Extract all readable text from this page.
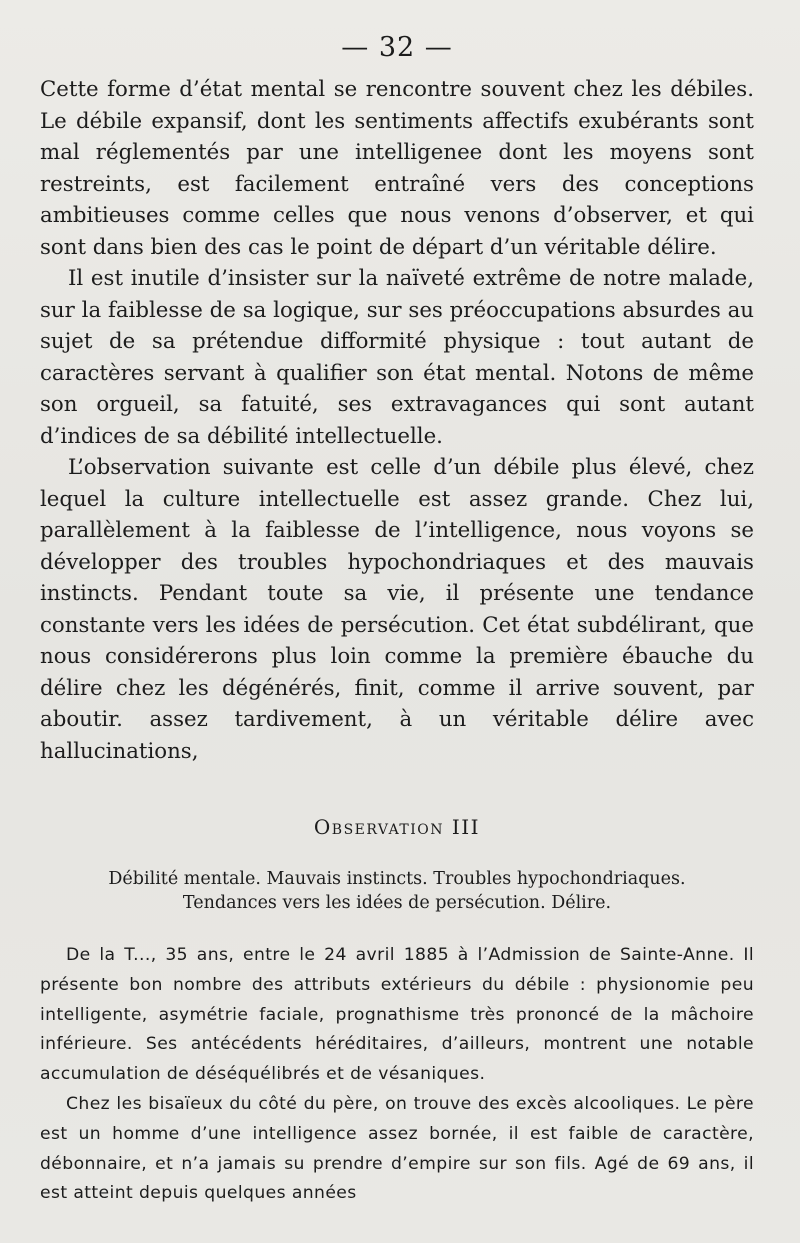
— 32 —

Cette forme d’état mental se rencontre souvent chez les débiles. Le débile expansif, dont les sentiments affectifs exubérants sont mal réglementés par une intelligenee dont les moyens sont restreints, est facilement entraîné vers des conceptions ambitieuses comme celles que nous venons d’observer, et qui sont dans bien des cas le point de départ d’un véritable délire.

Il est inutile d’insister sur la naïveté extrême de notre malade, sur la faiblesse de sa logique, sur ses préoccupations absurdes au sujet de sa prétendue difformité physique : tout autant de caractères servant à qualifier son état mental. Notons de même son orgueil, sa fatuité, ses extravagances qui sont autant d’indices de sa débilité intellectuelle.

L’observation suivante est celle d’un débile plus élevé, chez lequel la culture intellectuelle est assez grande. Chez lui, parallèlement à la faiblesse de l’intelligence, nous voyons se développer des troubles hypochondriaques et des mauvais instincts. Pendant toute sa vie, il présente une tendance constante vers les idées de persécution. Cet état subdélirant, que nous considérerons plus loin comme la première ébauche du délire chez les dégénérés, finit, comme il arrive souvent, par aboutir. assez tardivement, à un véritable délire avec hallucinations,

Observation III
Débilité mentale. Mauvais instincts. Troubles hypochondriaques. Tendances vers les idées de persécution. Délire.

De la T..., 35 ans, entre le 24 avril 1885 à l’Admission de Sainte-Anne. Il présente bon nombre des attributs extérieurs du débile : physionomie peu intelligente, asymétrie faciale, prognathisme très prononcé de la mâchoire inférieure. Ses antécédents héréditaires, d’ailleurs, montrent une notable accumulation de déséquélibrés et de vésaniques.

Chez les bisaïeux du côté du père, on trouve des excès alcooliques. Le père est un homme d’une intelligence assez bornée, il est faible de caractère, débonnaire, et n’a jamais su prendre d’empire sur son fils. Agé de 69 ans, il est atteint depuis quelques années
